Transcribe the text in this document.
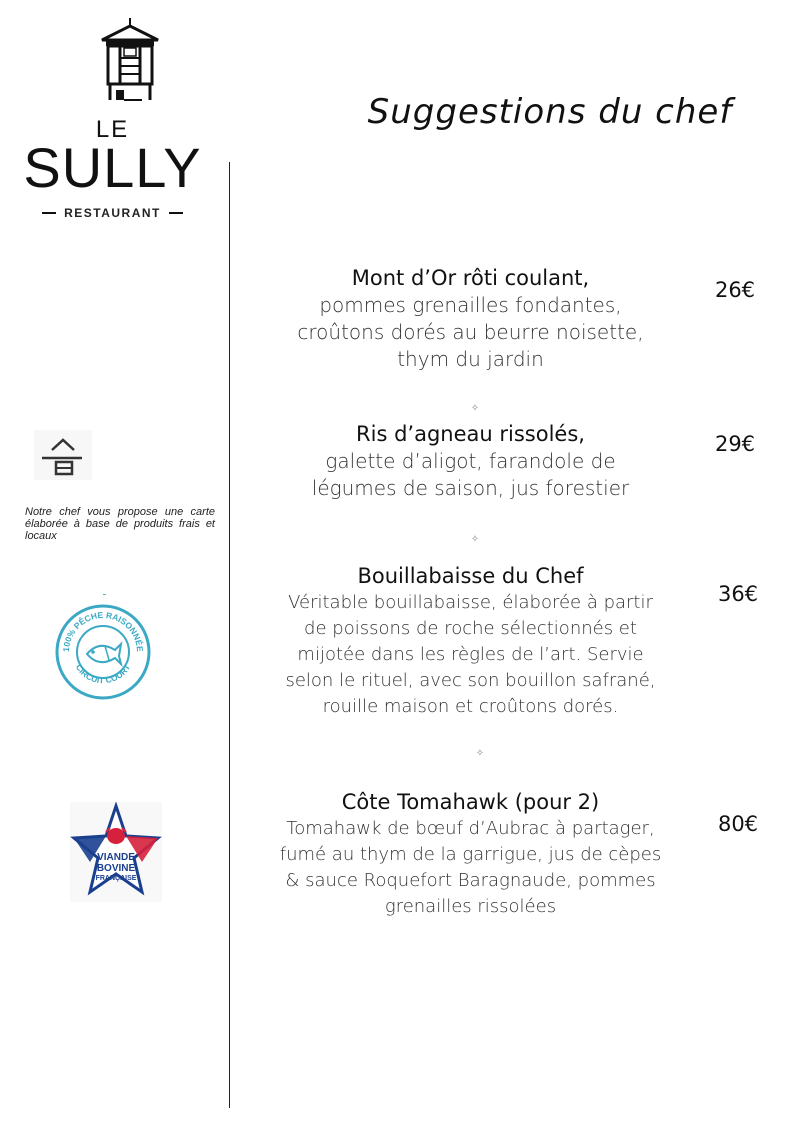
LE
SULLY
RESTAURANT
Suggestions du chef
Notre chef vous propose une carte élaborée à base de produits frais et locaux
100% PÊCHE RAISONNÉE
CIRCUIT COURT
VIANDE
BOVINE
FRANÇAISE
Mont d’Or rôti coulant,
pommes grenailles fondantes,
croûtons dorés au beurre noisette,
thym du jardin
26€
✧
Ris d’agneau rissolés,
galette d’aligot, farandole de
légumes de saison, jus forestier
29€
✧
Bouillabaisse du Chef
Véritable bouillabaisse, élaborée à partir
de poissons de roche sélectionnés et
mijotée dans les règles de l’art. Servie
selon le rituel, avec son bouillon safrané,
rouille maison et croûtons dorés.
36€
✧
Côte Tomahawk (pour 2)
Tomahawk de bœuf d’Aubrac à partager,
fumé au thym de la garrigue, jus de cèpes
& sauce Roquefort Baragnaude, pommes
grenailles rissolées
80€
